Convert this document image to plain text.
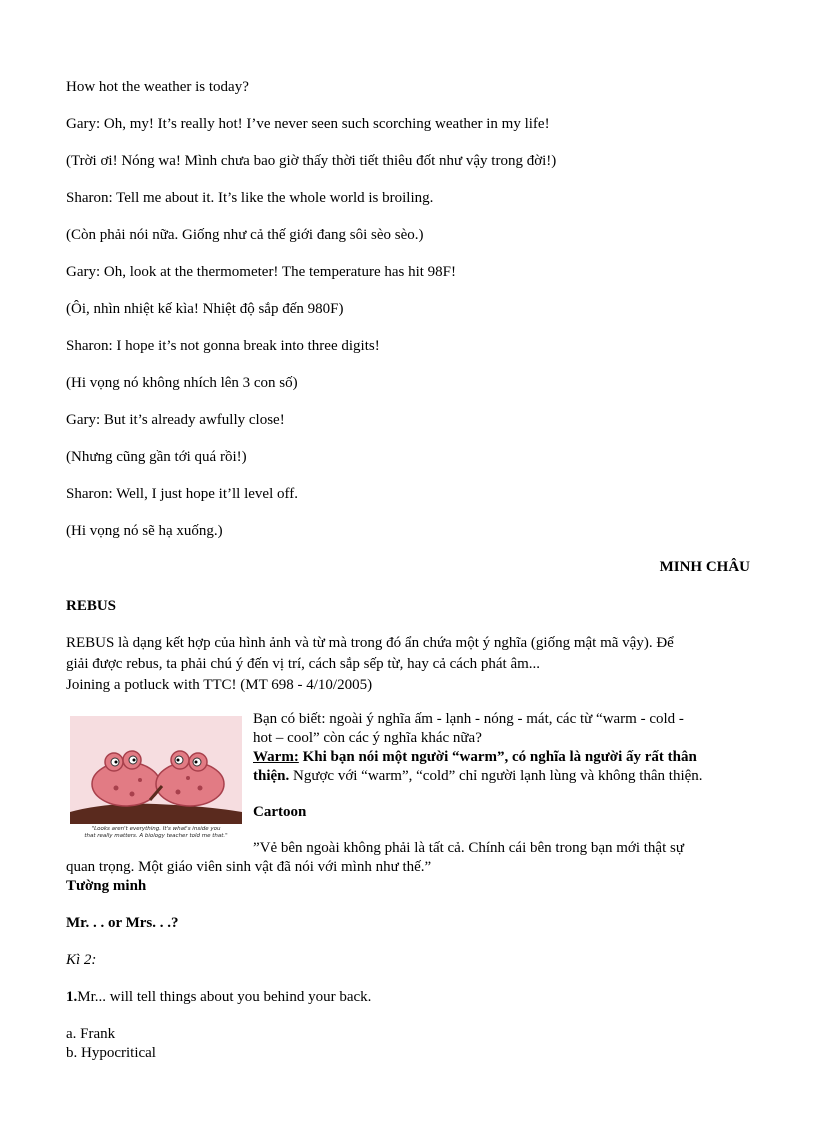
How hot the weather is today?
Gary: Oh, my! It’s really hot! I’ve never seen such scorching weather in my life!
(Trời ơi! Nóng wa! Mình chưa bao giờ thấy thời tiết thiêu đốt như vậy trong đời!)
Sharon: Tell me about it. It’s like the whole world is broiling.
(Còn phải nói nữa. Giống như cả thế giới đang sôi sèo sèo.)
Gary: Oh, look at the thermometer! The temperature has hit 98F!
(Ôi, nhìn nhiệt kế kìa! Nhiệt độ sắp đến 980F)
Sharon: I hope it’s not gonna break into three digits!
(Hi vọng nó không nhích lên 3 con số)
Gary: But it’s already awfully close!
(Nhưng cũng gần tới quá rồi!)
Sharon: Well, I just hope it’ll level off.
(Hi vọng nó sẽ hạ xuống.)
MINH CHÂU
REBUS
REBUS là dạng kết hợp của hình ảnh và từ mà trong đó ẩn chứa một ý nghĩa (giống mật mã vậy). Để
giải được rebus, ta phải chú ý đến vị trí, cách sắp sếp từ, hay cả cách phát âm...
Joining a potluck with TTC! (MT 698 - 4/10/2005)
"Looks aren't everything. It's what's inside you
that really matters. A biology teacher told me that."
Bạn có biết: ngoài ý nghĩa ấm - lạnh - nóng - mát, các từ “warm - cold -
hot – cool” còn các ý nghĩa khác nữa?
Warm: Khi bạn nói một người “warm”, có nghĩa là người ấy rất thân
thiện. Ngược với “warm”, “cold” chỉ người lạnh lùng và không thân thiện.
Cartoon
”Vẻ bên ngoài không phải là tất cả. Chính cái bên trong bạn mới thật sự
quan trọng. Một giáo viên sinh vật đã nói với mình như thế.”
Tường minh
Mr. . . or Mrs. . .?
Kì 2:
1.Mr... will tell things about you behind your back.
a. Frank
b. Hypocritical
